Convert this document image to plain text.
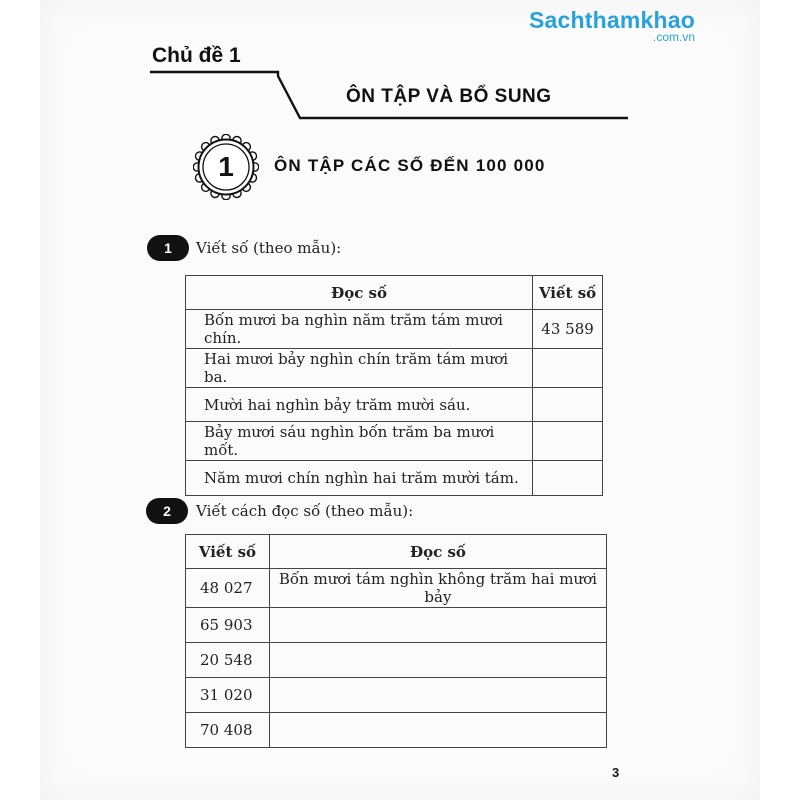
Sachthamkhao
.com.vn
Chủ đề 1
ÔN TẬP VÀ BỔ SUNG
1	ÔN TẬP CÁC SỐ ĐẾN 100 000
1	Viết số (theo mẫu):
Đọc số	Viết số
Bốn mươi ba nghìn năm trăm tám mươi chín.	43 589
Hai mươi bảy nghìn chín trăm tám mươi ba.	
Mười hai nghìn bảy trăm mười sáu.	
Bảy mươi sáu nghìn bốn trăm ba mươi mốt.	
Năm mươi chín nghìn hai trăm mười tám.	
2	Viết cách đọc số (theo mẫu):
Viết số	Đọc số
48 027	Bốn mươi tám nghìn không trăm hai mươi bảy
65 903	
20 548	
31 020	
70 408	
3
